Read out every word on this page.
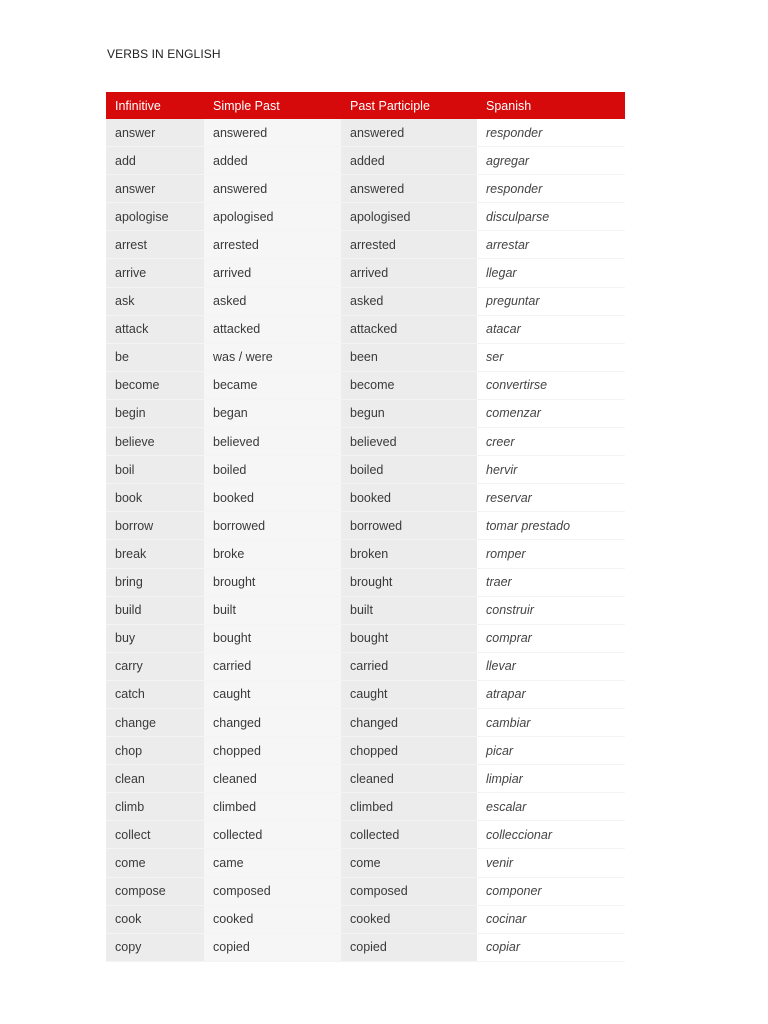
VERBS IN ENGLISH
Infinitive	Simple Past	Past Participle	Spanish
answer	answered	answered	responder
add	added	added	agregar
answer	answered	answered	responder
apologise	apologised	apologised	disculparse
arrest	arrested	arrested	arrestar
arrive	arrived	arrived	llegar
ask	asked	asked	preguntar
attack	attacked	attacked	atacar
be	was / were	been	ser
become	became	become	convertirse
begin	began	begun	comenzar
believe	believed	believed	creer
boil	boiled	boiled	hervir
book	booked	booked	reservar
borrow	borrowed	borrowed	tomar prestado
break	broke	broken	romper
bring	brought	brought	traer
build	built	built	construir
buy	bought	bought	comprar
carry	carried	carried	llevar
catch	caught	caught	atrapar
change	changed	changed	cambiar
chop	chopped	chopped	picar
clean	cleaned	cleaned	limpiar
climb	climbed	climbed	escalar
collect	collected	collected	colleccionar
come	came	come	venir
compose	composed	composed	componer
cook	cooked	cooked	cocinar
copy	copied	copied	copiar
